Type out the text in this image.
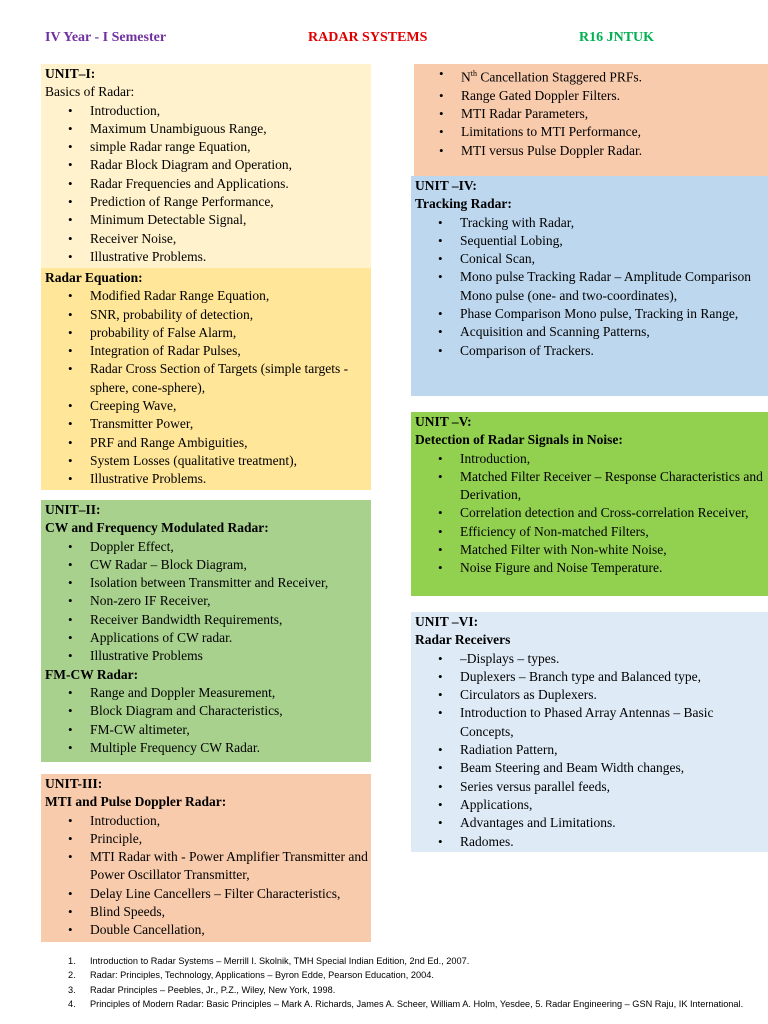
IV Year - I Semester	RADAR SYSTEMS	R16 JNTUK
UNIT–I:
Basics of Radar:
• Introduction,
• Maximum Unambiguous Range,
• simple Radar range Equation,
• Radar Block Diagram and Operation,
• Radar Frequencies and Applications.
• Prediction of Range Performance,
• Minimum Detectable Signal,
• Receiver Noise,
• Illustrative Problems.
Radar Equation:
• Modified Radar Range Equation,
• SNR, probability of detection,
• probability of False Alarm,
• Integration of Radar Pulses,
• Radar Cross Section of Targets (simple targets - sphere, cone-sphere),
• Creeping Wave,
• Transmitter Power,
• PRF and Range Ambiguities,
• System Losses (qualitative treatment),
• Illustrative Problems.
UNIT–II:
CW and Frequency Modulated Radar:
• Doppler Effect,
• CW Radar – Block Diagram,
• Isolation between Transmitter and Receiver,
• Non-zero IF Receiver,
• Receiver Bandwidth Requirements,
• Applications of CW radar.
• Illustrative Problems
FM-CW Radar:
• Range and Doppler Measurement,
• Block Diagram and Characteristics,
• FM-CW altimeter,
• Multiple Frequency CW Radar.
UNIT-III:
MTI and Pulse Doppler Radar:
• Introduction,
• Principle,
• MTI Radar with - Power Amplifier Transmitter and Power Oscillator Transmitter,
• Delay Line Cancellers – Filter Characteristics,
• Blind Speeds,
• Double Cancellation,
• $N^{th}$ Cancellation Staggered PRFs.
• Range Gated Doppler Filters.
• MTI Radar Parameters,
• Limitations to MTI Performance,
• MTI versus Pulse Doppler Radar.
UNIT –IV:
Tracking Radar:
• Tracking with Radar,
• Sequential Lobing,
• Conical Scan,
• Mono pulse Tracking Radar – Amplitude Comparison Mono pulse (one- and two-coordinates),
• Phase Comparison Mono pulse, Tracking in Range,
• Acquisition and Scanning Patterns,
• Comparison of Trackers.
UNIT –V:
Detection of Radar Signals in Noise:
• Introduction,
• Matched Filter Receiver – Response Characteristics and Derivation,
• Correlation detection and Cross-correlation Receiver,
• Efficiency of Non-matched Filters,
• Matched Filter with Non-white Noise,
• Noise Figure and Noise Temperature.
UNIT –VI:
Radar Receivers
• –Displays – types.
• Duplexers – Branch type and Balanced type,
• Circulators as Duplexers.
• Introduction to Phased Array Antennas – Basic Concepts,
• Radiation Pattern,
• Beam Steering and Beam Width changes,
• Series versus parallel feeds,
• Applications,
• Advantages and Limitations.
• Radomes.
1. Introduction to Radar Systems – Merrill I. Skolnik, TMH Special Indian Edition, 2nd Ed., 2007.
2. Radar: Principles, Technology, Applications – Byron Edde, Pearson Education, 2004.
3. Radar Principles – Peebles, Jr., P.Z., Wiley, New York, 1998.
4. Principles of Modern Radar: Basic Principles – Mark A. Richards, James A. Scheer, William A. Holm, Yesdee, 5. Radar Engineering – GSN Raju, IK International.
